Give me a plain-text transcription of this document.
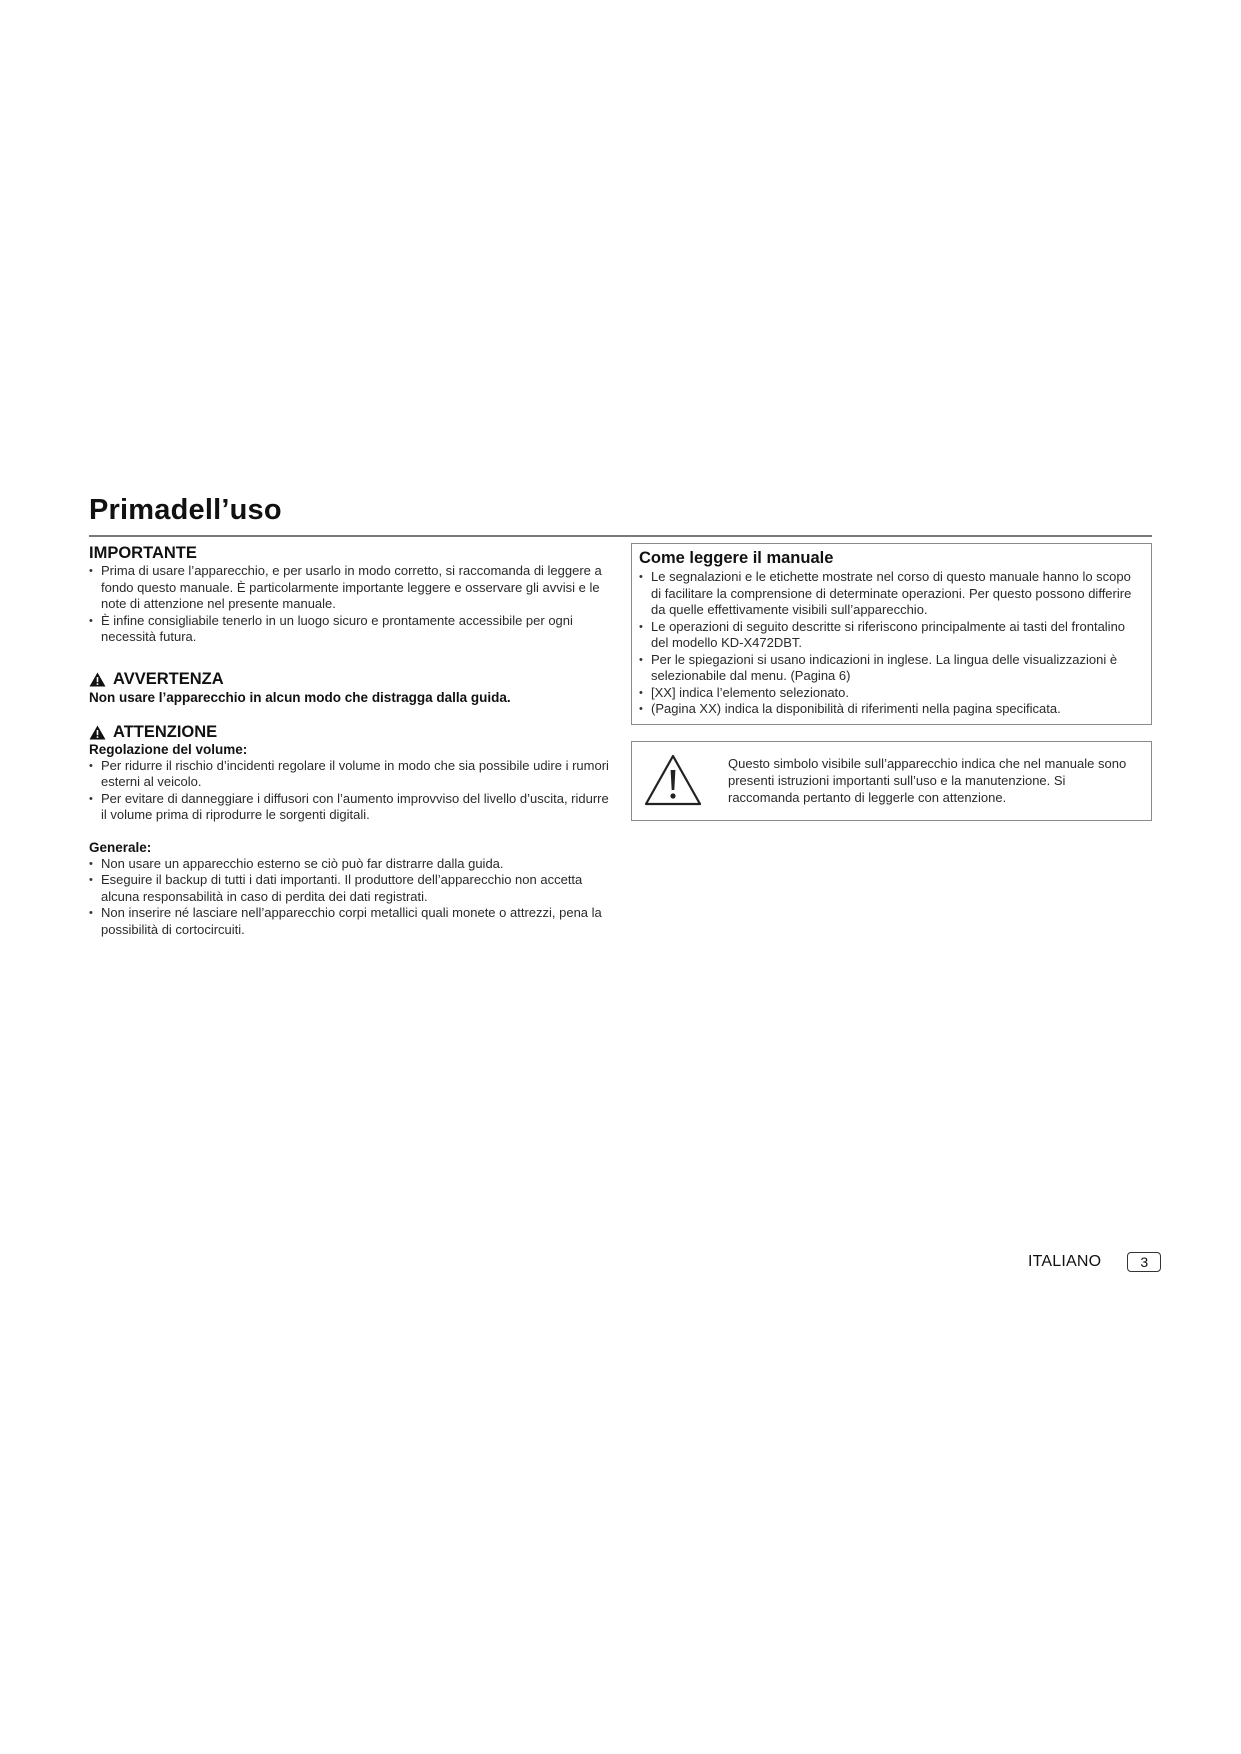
Primadell’uso
IMPORTANTE
• Prima di usare l’apparecchio, e per usarlo in modo corretto, si raccomanda di leggere a fondo questo manuale. È particolarmente importante leggere e osservare gli avvisi e le note di attenzione nel presente manuale.
• È infine consigliabile tenerlo in un luogo sicuro e prontamente accessibile per ogni necessità futura.
AVVERTENZA

Non usare l’apparecchio in alcun modo che distragga dalla guida.

ATTENZIONE

Regolazione del volume:

• Per ridurre il rischio d’incidenti regolare il volume in modo che sia possibile udire i rumori esterni al veicolo.
• Per evitare di danneggiare i diffusori con l’aumento improvviso del livello d’uscita, ridurre il volume prima di riprodurre le sorgenti digitali.

Generale:

• Non usare un apparecchio esterno se ciò può far distrarre dalla guida.
• Eseguire il backup di tutti i dati importanti. Il produttore dell’apparecchio non accetta alcuna responsabilità in caso di perdita dei dati registrati.
• Non inserire né lasciare nell’apparecchio corpi metallici quali monete o attrezzi, pena la possibilità di cortocircuiti.
Come leggere il manuale
• Le segnalazioni e le etichette mostrate nel corso di questo manuale hanno lo scopo di facilitare la comprensione di determinate operazioni. Per questo possono differire da quelle effettivamente visibili sull’apparecchio.
• Le operazioni di seguito descritte si riferiscono principalmente ai tasti del frontalino del modello KD-X472DBT.
• Per le spiegazioni si usano indicazioni in inglese. La lingua delle visualizzazioni è selezionabile dal menu. (Pagina 6)
• [XX] indica l’elemento selezionato.
• (Pagina XX) indica la disponibilità di riferimenti nella pagina specificata.

Questo simbolo visibile sull’apparecchio indica che nel manuale sono presenti istruzioni importanti sull’uso e la manutenzione. Si raccomanda pertanto di leggerle con attenzione.

ITALIANO	3
